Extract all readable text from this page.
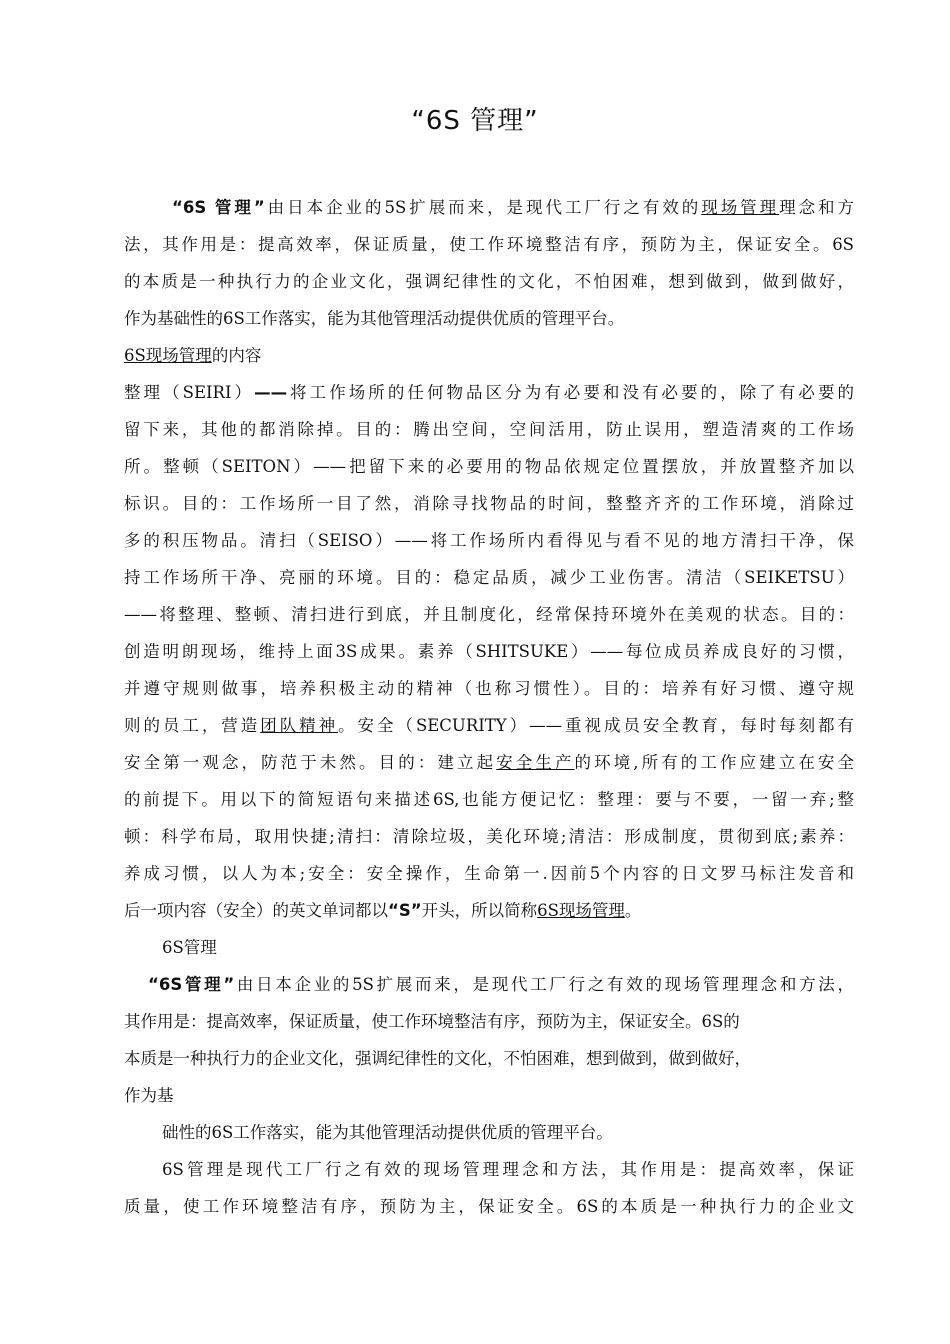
“6S 管理”
“6S 管理”由日本企业的5S扩展而来，是现代工厂行之有效的现场管理理念和方
法，其作用是：提高效率，保证质量，使工作环境整洁有序，预防为主，保证安全。6S
的本质是一种执行力的企业文化，强调纪律性的文化，不怕困难，想到做到，做到做好，
作为基础性的6S工作落实，能为其他管理活动提供优质的管理平台。
6S现场管理的内容
整理（SEIRI）——将工作场所的任何物品区分为有必要和没有必要的，除了有必要的
留下来，其他的都消除掉。目的：腾出空间，空间活用，防止误用，塑造清爽的工作场
所。整顿（SEITON）——把留下来的必要用的物品依规定位置摆放，并放置整齐加以
标识。目的：工作场所一目了然，消除寻找物品的时间，整整齐齐的工作环境，消除过
多的积压物品。清扫（SEISO）——将工作场所内看得见与看不见的地方清扫干净，保
持工作场所干净、亮丽的环境。目的：稳定品质，减少工业伤害。清洁（SEIKETSU）
——将整理、整顿、清扫进行到底，并且制度化，经常保持环境外在美观的状态。目的：
创造明朗现场，维持上面3S成果。素养（SHITSUKE）——每位成员养成良好的习惯，
并遵守规则做事，培养积极主动的精神（也称习惯性）。目的：培养有好习惯、遵守规
则的员工，营造团队精神。安全（SECURITY）——重视成员安全教育，每时每刻都有
安全第一观念，防范于未然。目的：建立起安全生产的环境,所有的工作应建立在安全
的前提下。用以下的简短语句来描述6S,也能方便记忆：整理：要与不要，一留一弃;整
顿：科学布局，取用快捷;清扫：清除垃圾，美化环境;清洁：形成制度，贯彻到底;素养：
养成习惯，以人为本;安全：安全操作，生命第一.因前5个内容的日文罗马标注发音和
后一项内容（安全）的英文单词都以“S”开头，所以简称6S现场管理。
6S管理
“6S管理”由日本企业的5S扩展而来，是现代工厂行之有效的现场管理理念和方法，
其作用是：提高效率，保证质量，使工作环境整洁有序，预防为主，保证安全。6S的
本质是一种执行力的企业文化，强调纪律性的文化，不怕困难，想到做到，做到做好，
作为基
础性的6S工作落实，能为其他管理活动提供优质的管理平台。
6S管理是现代工厂行之有效的现场管理理念和方法，其作用是：提高效率，保证
质量，使工作环境整洁有序，预防为主，保证安全。6S的本质是一种执行力的企业文
